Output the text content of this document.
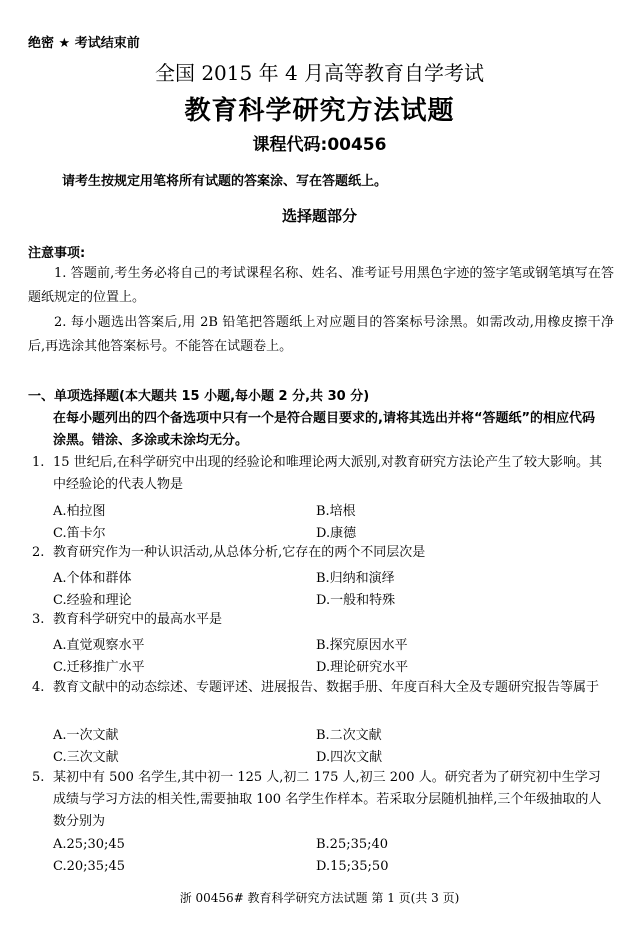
绝密 ★ 考试结束前
全国 2015 年 4 月高等教育自学考试
教育科学研究方法试题
课程代码:00456
请考生按规定用笔将所有试题的答案涂、写在答题纸上。
选择题部分
注意事项:
1. 答题前,考生务必将自己的考试课程名称、姓名、准考证号用黑色字迹的签字笔或钢笔填写在答题纸规定的位置上。
2. 每小题选出答案后,用 2B 铅笔把答题纸上对应题目的答案标号涂黑。如需改动,用橡皮擦干净后,再选涂其他答案标号。不能答在试题卷上。
一、单项选择题(本大题共 15 小题,每小题 2 分,共 30 分)
在每小题列出的四个备选项中只有一个是符合题目要求的,请将其选出并将“答题纸”的相应代码涂黑。错涂、多涂或未涂均无分。
1. 15 世纪后,在科学研究中出现的经验论和唯理论两大派别,对教育研究方法论产生了较大影响。其中经验论的代表人物是
A.柏拉图	B.培根
C.笛卡尔	D.康德
2. 教育研究作为一种认识活动,从总体分析,它存在的两个不同层次是
A.个体和群体	B.归纳和演绎
C.经验和理论	D.一般和特殊
3. 教育科学研究中的最高水平是
A.直觉观察水平	B.探究原因水平
C.迁移推广水平	D.理论研究水平
4. 教育文献中的动态综述、专题评述、进展报告、数据手册、年度百科大全及专题研究报告等属于
A.一次文献	B.二次文献
C.三次文献	D.四次文献
5. 某初中有 500 名学生,其中初一 125 人,初二 175 人,初三 200 人。研究者为了研究初中生学习成绩与学习方法的相关性,需要抽取 100 名学生作样本。若采取分层随机抽样,三个年级抽取的人数分别为
A.25;30;45	B.25;35;40
C.20;35;45	D.15;35;50
浙 00456# 教育科学研究方法试题 第 1 页(共 3 页)
